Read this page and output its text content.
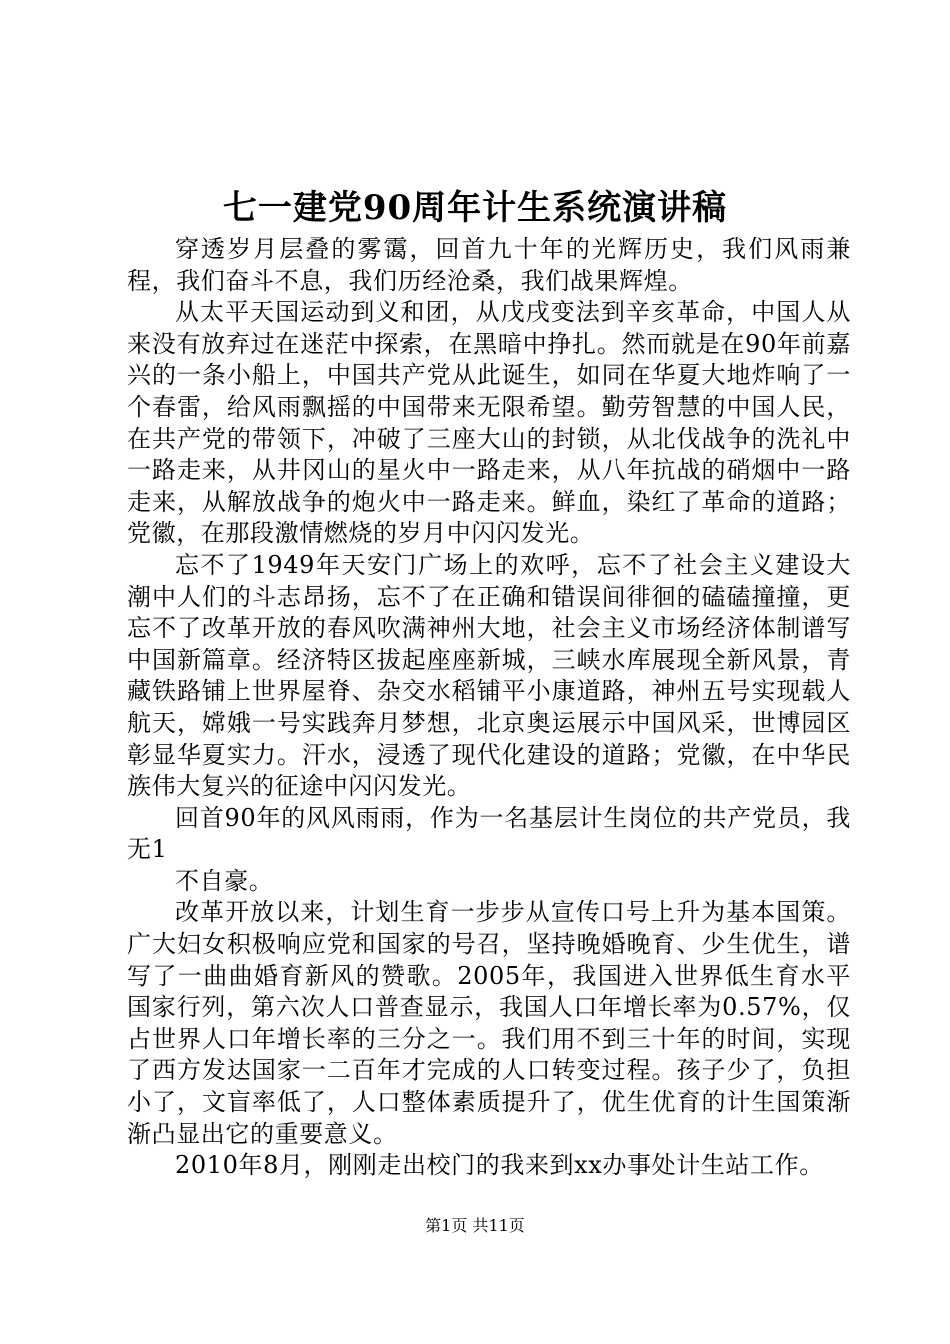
七一建党90周年计生系统演讲稿

穿透岁月层叠的雾霭，回首九十年的光辉历史，我们风雨兼程，我们奋斗不息，我们历经沧桑，我们战果辉煌。

从太平天国运动到义和团，从戊戌变法到辛亥革命，中国人从来没有放弃过在迷茫中探索，在黑暗中挣扎。然而就是在90年前嘉兴的一条小船上，中国共产党从此诞生，如同在华夏大地炸响了一个春雷，给风雨飘摇的中国带来无限希望。勤劳智慧的中国人民，在共产党的带领下，冲破了三座大山的封锁，从北伐战争的洗礼中一路走来，从井冈山的星火中一路走来，从八年抗战的硝烟中一路走来，从解放战争的炮火中一路走来。鲜血，染红了革命的道路；党徽，在那段激情燃烧的岁月中闪闪发光。

忘不了1949年天安门广场上的欢呼，忘不了社会主义建设大潮中人们的斗志昂扬，忘不了在正确和错误间徘徊的磕磕撞撞，更忘不了改革开放的春风吹满神州大地，社会主义市场经济体制谱写中国新篇章。经济特区拔起座座新城，三峡水库展现全新风景，青藏铁路铺上世界屋脊、杂交水稻铺平小康道路，神州五号实现载人航天，嫦娥一号实践奔月梦想，北京奥运展示中国风采，世博园区彰显华夏实力。汗水，浸透了现代化建设的道路；党徽，在中华民族伟大复兴的征途中闪闪发光。

回首90年的风风雨雨，作为一名基层计生岗位的共产党员，我无1

不自豪。

改革开放以来，计划生育一步步从宣传口号上升为基本国策。广大妇女积极响应党和国家的号召，坚持晚婚晚育、少生优生，谱写了一曲曲婚育新风的赞歌。2005年，我国进入世界低生育水平国家行列，第六次人口普查显示，我国人口年增长率为0.57%，仅占世界人口年增长率的三分之一。我们用不到三十年的时间，实现了西方发达国家一二百年才完成的人口转变过程。孩子少了，负担小了，文盲率低了，人口整体素质提升了，优生优育的计生国策渐渐凸显出它的重要意义。

2010年8月，刚刚走出校门的我来到xx办事处计生站工作。

第1页 共11页
